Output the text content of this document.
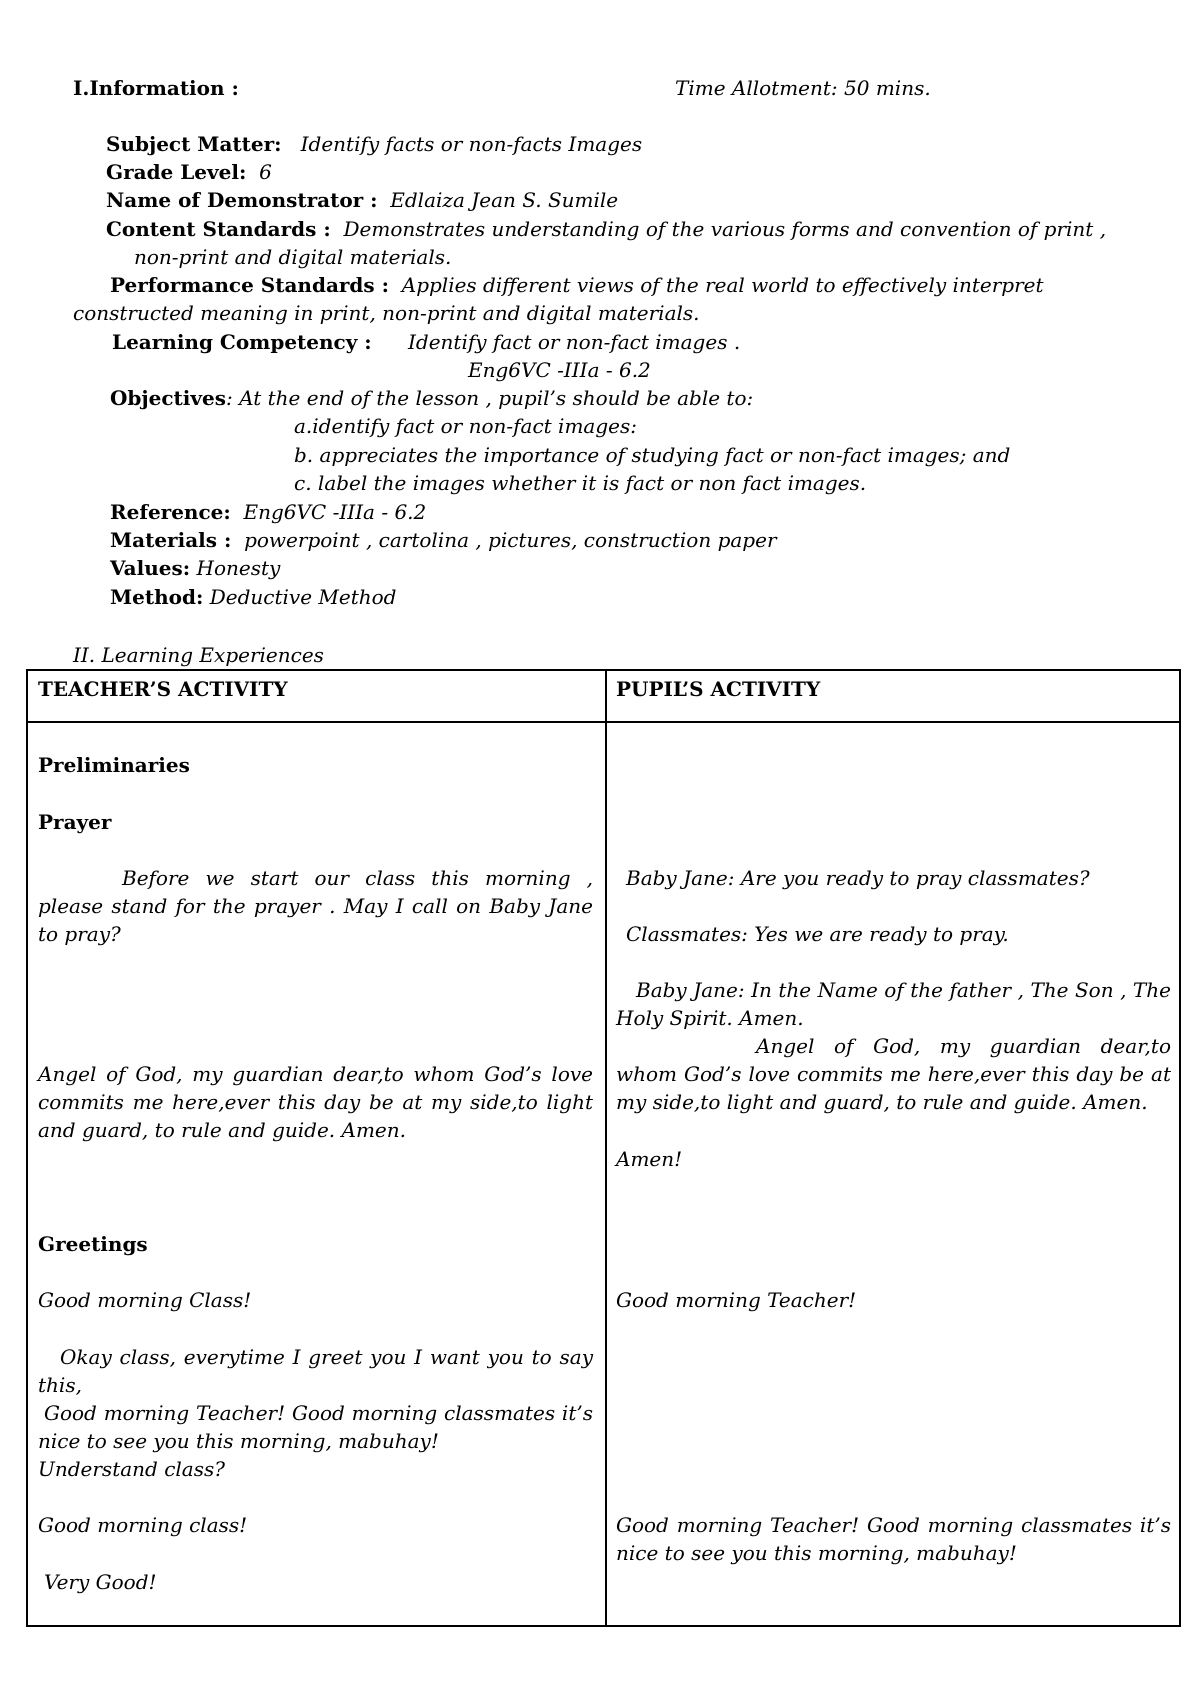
I.Information :	Time Allotment: 50 mins.
Subject Matter: Identify facts or non-facts Images
Grade Level: 6
Name of Demonstrator : Edlaiza Jean S. Sumile
Content Standards : Demonstrates understanding of the various forms and convention of print ,
non-print and digital materials.
Performance Standards : Applies different views of the real world to effectively interpret
constructed meaning in print, non-print and digital materials.
Learning Competency : Identify fact or non-fact images .
Eng6VC -IIIa - 6.2
Objectives: At the end of the lesson , pupil’s should be able to:
a.identify fact or non-fact images:
b. appreciates the importance of studying fact or non-fact images; and
c. label the images whether it is fact or non fact images.
Reference: Eng6VC -IIIa - 6.2
Materials : powerpoint , cartolina , pictures, construction paper
Values: Honesty
Method: Deductive Method
II. Learning Experiences
TEACHER’S ACTIVITY	PUPIL’S ACTIVITY
Preliminaries
Prayer
Before we start our class this morning , please stand for the prayer . May I call on Baby Jane to pray?
Angel of God, my guardian dear,to whom God’s love commits me here,ever this day be at my side,to light and guard, to rule and guide. Amen.
Greetings
Good morning Class!
Okay class, everytime I greet you I want you to say this,
Good morning Teacher! Good morning classmates it’s nice to see you this morning, mabuhay!
Understand class?
Good morning class!
Very Good!
Baby Jane: Are you ready to pray classmates?
Classmates: Yes we are ready to pray.
Baby Jane: In the Name of the father , The Son , The Holy Spirit. Amen.
Angel of God, my guardian dear,to whom God’s love commits me here,ever this day be at my side,to light and guard, to rule and guide. Amen.
Amen!
Good morning Teacher!
Good morning Teacher! Good morning classmates it’s nice to see you this morning, mabuhay!
